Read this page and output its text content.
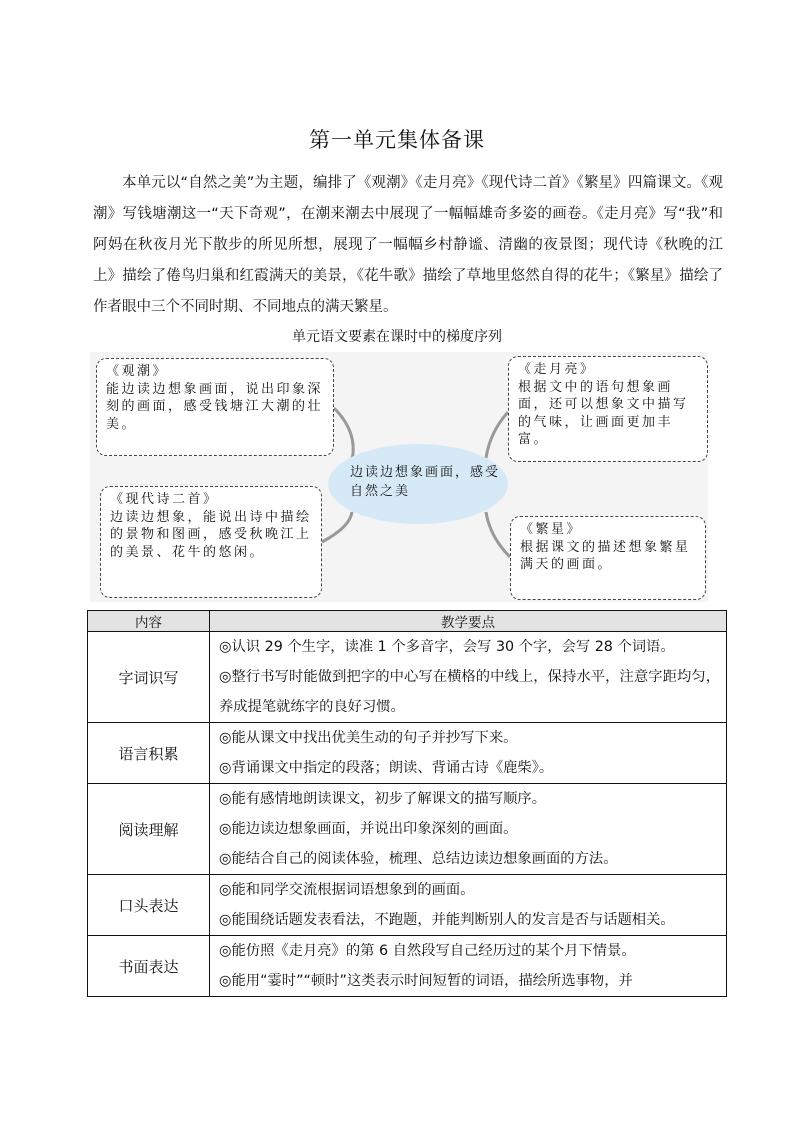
第一单元集体备课

本单元以“自然之美”为主题，编排了《观潮》《走月亮》《现代诗二首》《繁星》四篇课文。《观潮》写钱塘潮这一“天下奇观”，在潮来潮去中展现了一幅幅雄奇多姿的画卷。《走月亮》写“我”和阿妈在秋夜月光下散步的所见所想，展现了一幅幅乡村静谧、清幽的夜景图；现代诗《秋晚的江上》描绘了倦鸟归巢和红霞满天的美景，《花牛歌》描绘了草地里悠然自得的花牛；《繁星》描绘了作者眼中三个不同时期、不同地点的满天繁星。

单元语文要素在课时中的梯度序列
边读边想象画面，感受自然之美
《观潮》
能边读边想象画面，说出印象深刻的画面，感受钱塘江大潮的壮美。
《走月亮》
根据文中的语句想象画面，还可以想象文中描写的气味，让画面更加丰富。
《现代诗二首》
边读边想象，能说出诗中描绘的景物和图画，感受秋晚江上的美景、花牛的悠闲。
《繁星》
根据课文的描述想象繁星满天的画面。
内容	教学要点
字词识写	◎认识 29 个生字，读准 1 个多音字，会写 30 个字，会写 28 个词语。

◎整行书写时能做到把字的中心写在横格的中线上，保持水平，注意字距均匀，养成提笔就练字的良好习惯。

语言积累	◎能从课文中找出优美生动的句子并抄写下来。

◎背诵课文中指定的段落；朗读、背诵古诗《鹿柴》。

阅读理解	◎能有感情地朗读课文，初步了解课文的描写顺序。

◎能边读边想象画面，并说出印象深刻的画面。

◎能结合自己的阅读体验，梳理、总结边读边想象画面的方法。

口头表达	◎能和同学交流根据词语想象到的画面。

◎能围绕话题发表看法，不跑题，并能判断别人的发言是否与话题相关。

书面表达	◎能仿照《走月亮》的第 6 自然段写自己经历过的某个月下情景。

◎能用“霎时”“顿时”这类表示时间短暂的词语，描绘所选事物，并
